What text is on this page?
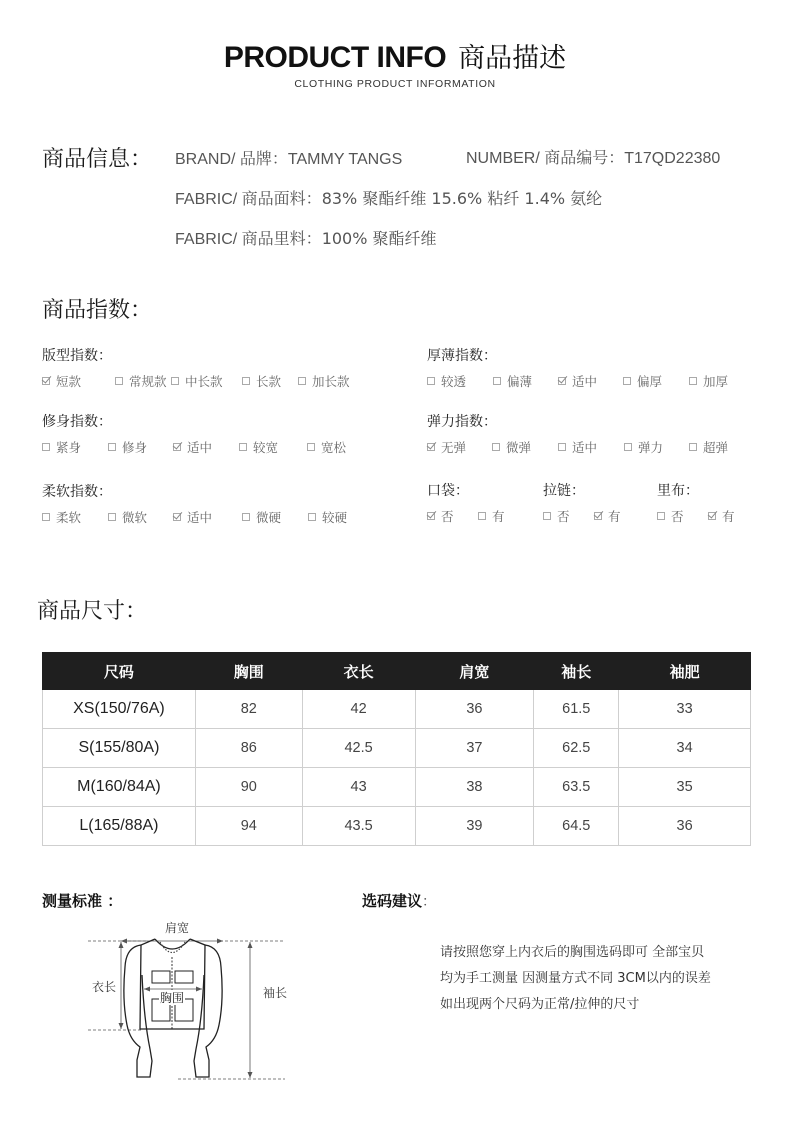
PRODUCT INFO 商品描述
CLOTHING PRODUCT INFORMATION
商品信息： BRAND/ 品牌：TAMMY TANGS	NUMBER/ 商品编号：T17QD22380
FABRIC/ 商品面料：83% 聚酯纤维 15.6% 粘纤 1.4% 氨纶
FABRIC/ 商品里料：100% 聚酯纤维
商品指数：
版型指数：
短款	常规款 中长款	长款 加长款
厚薄指数：
较透	偏薄	适中	偏厚	加厚
修身指数：
紧身	修身	适中	较宽	宽松
弹力指数：
无弹	微弹	适中	弹力	超弹
柔软指数：
柔软	微软	适中	微硬	较硬
口袋：
否	有
拉链：
否	有
里布：
否	有
商品尺寸：
尺码	胸围	衣长	肩宽	袖长	袖肥
XS(150/76A)	82	42	36	61.5	33
S(155/80A)	86	42.5	37	62.5	34
M(160/84A)	90	43	38	63.5	35
L(165/88A)	94	43.5	39	64.5	36
测量标准 ：
肩宽
衣长	袖长
胸围
选码建议：
请按照您穿上内衣后的胸围选码即可 全部宝贝
均为手工测量 因测量方式不同 3CM以内的误差
如出现两个尺码为正常/拉伸的尺寸
